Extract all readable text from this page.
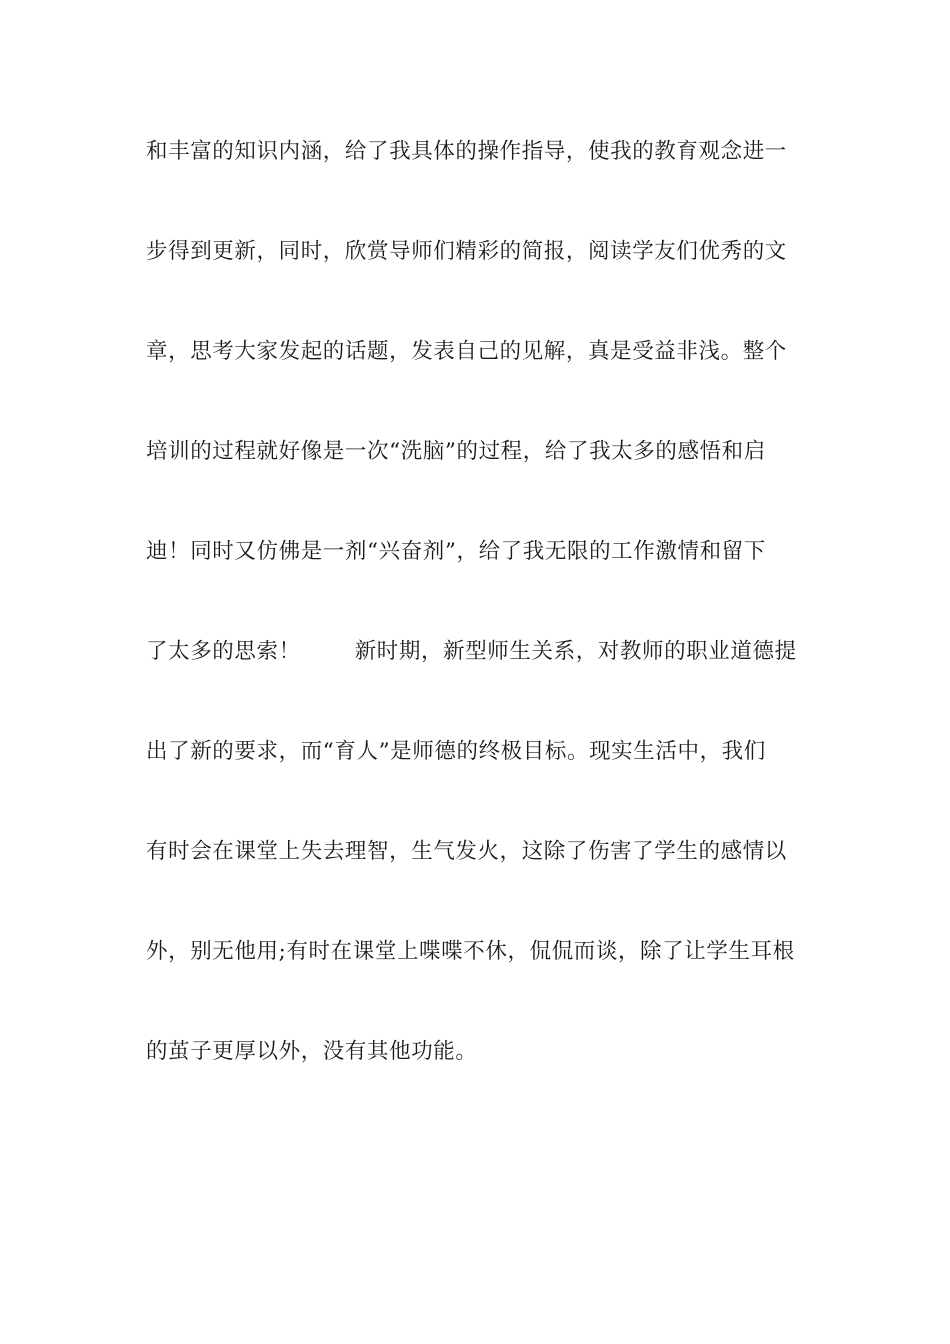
和丰富的知识内涵，给了我具体的操作指导，使我的教育观念进一
步得到更新，同时，欣赏导师们精彩的简报，阅读学友们优秀的文
章，思考大家发起的话题，发表自己的见解，真是受益非浅。整个
培训的过程就好像是一次“洗脑”的过程，给了我太多的感悟和启
迪！同时又仿佛是一剂“兴奋剂”，给了我无限的工作激情和留下
了太多的思索！	新时期，新型师生关系，对教师的职业道德提
出了新的要求，而“育人”是师德的终极目标。现实生活中，我们
有时会在课堂上失去理智，生气发火，这除了伤害了学生的感情以
外，别无他用;有时在课堂上喋喋不休，侃侃而谈，除了让学生耳根
的茧子更厚以外，没有其他功能。
